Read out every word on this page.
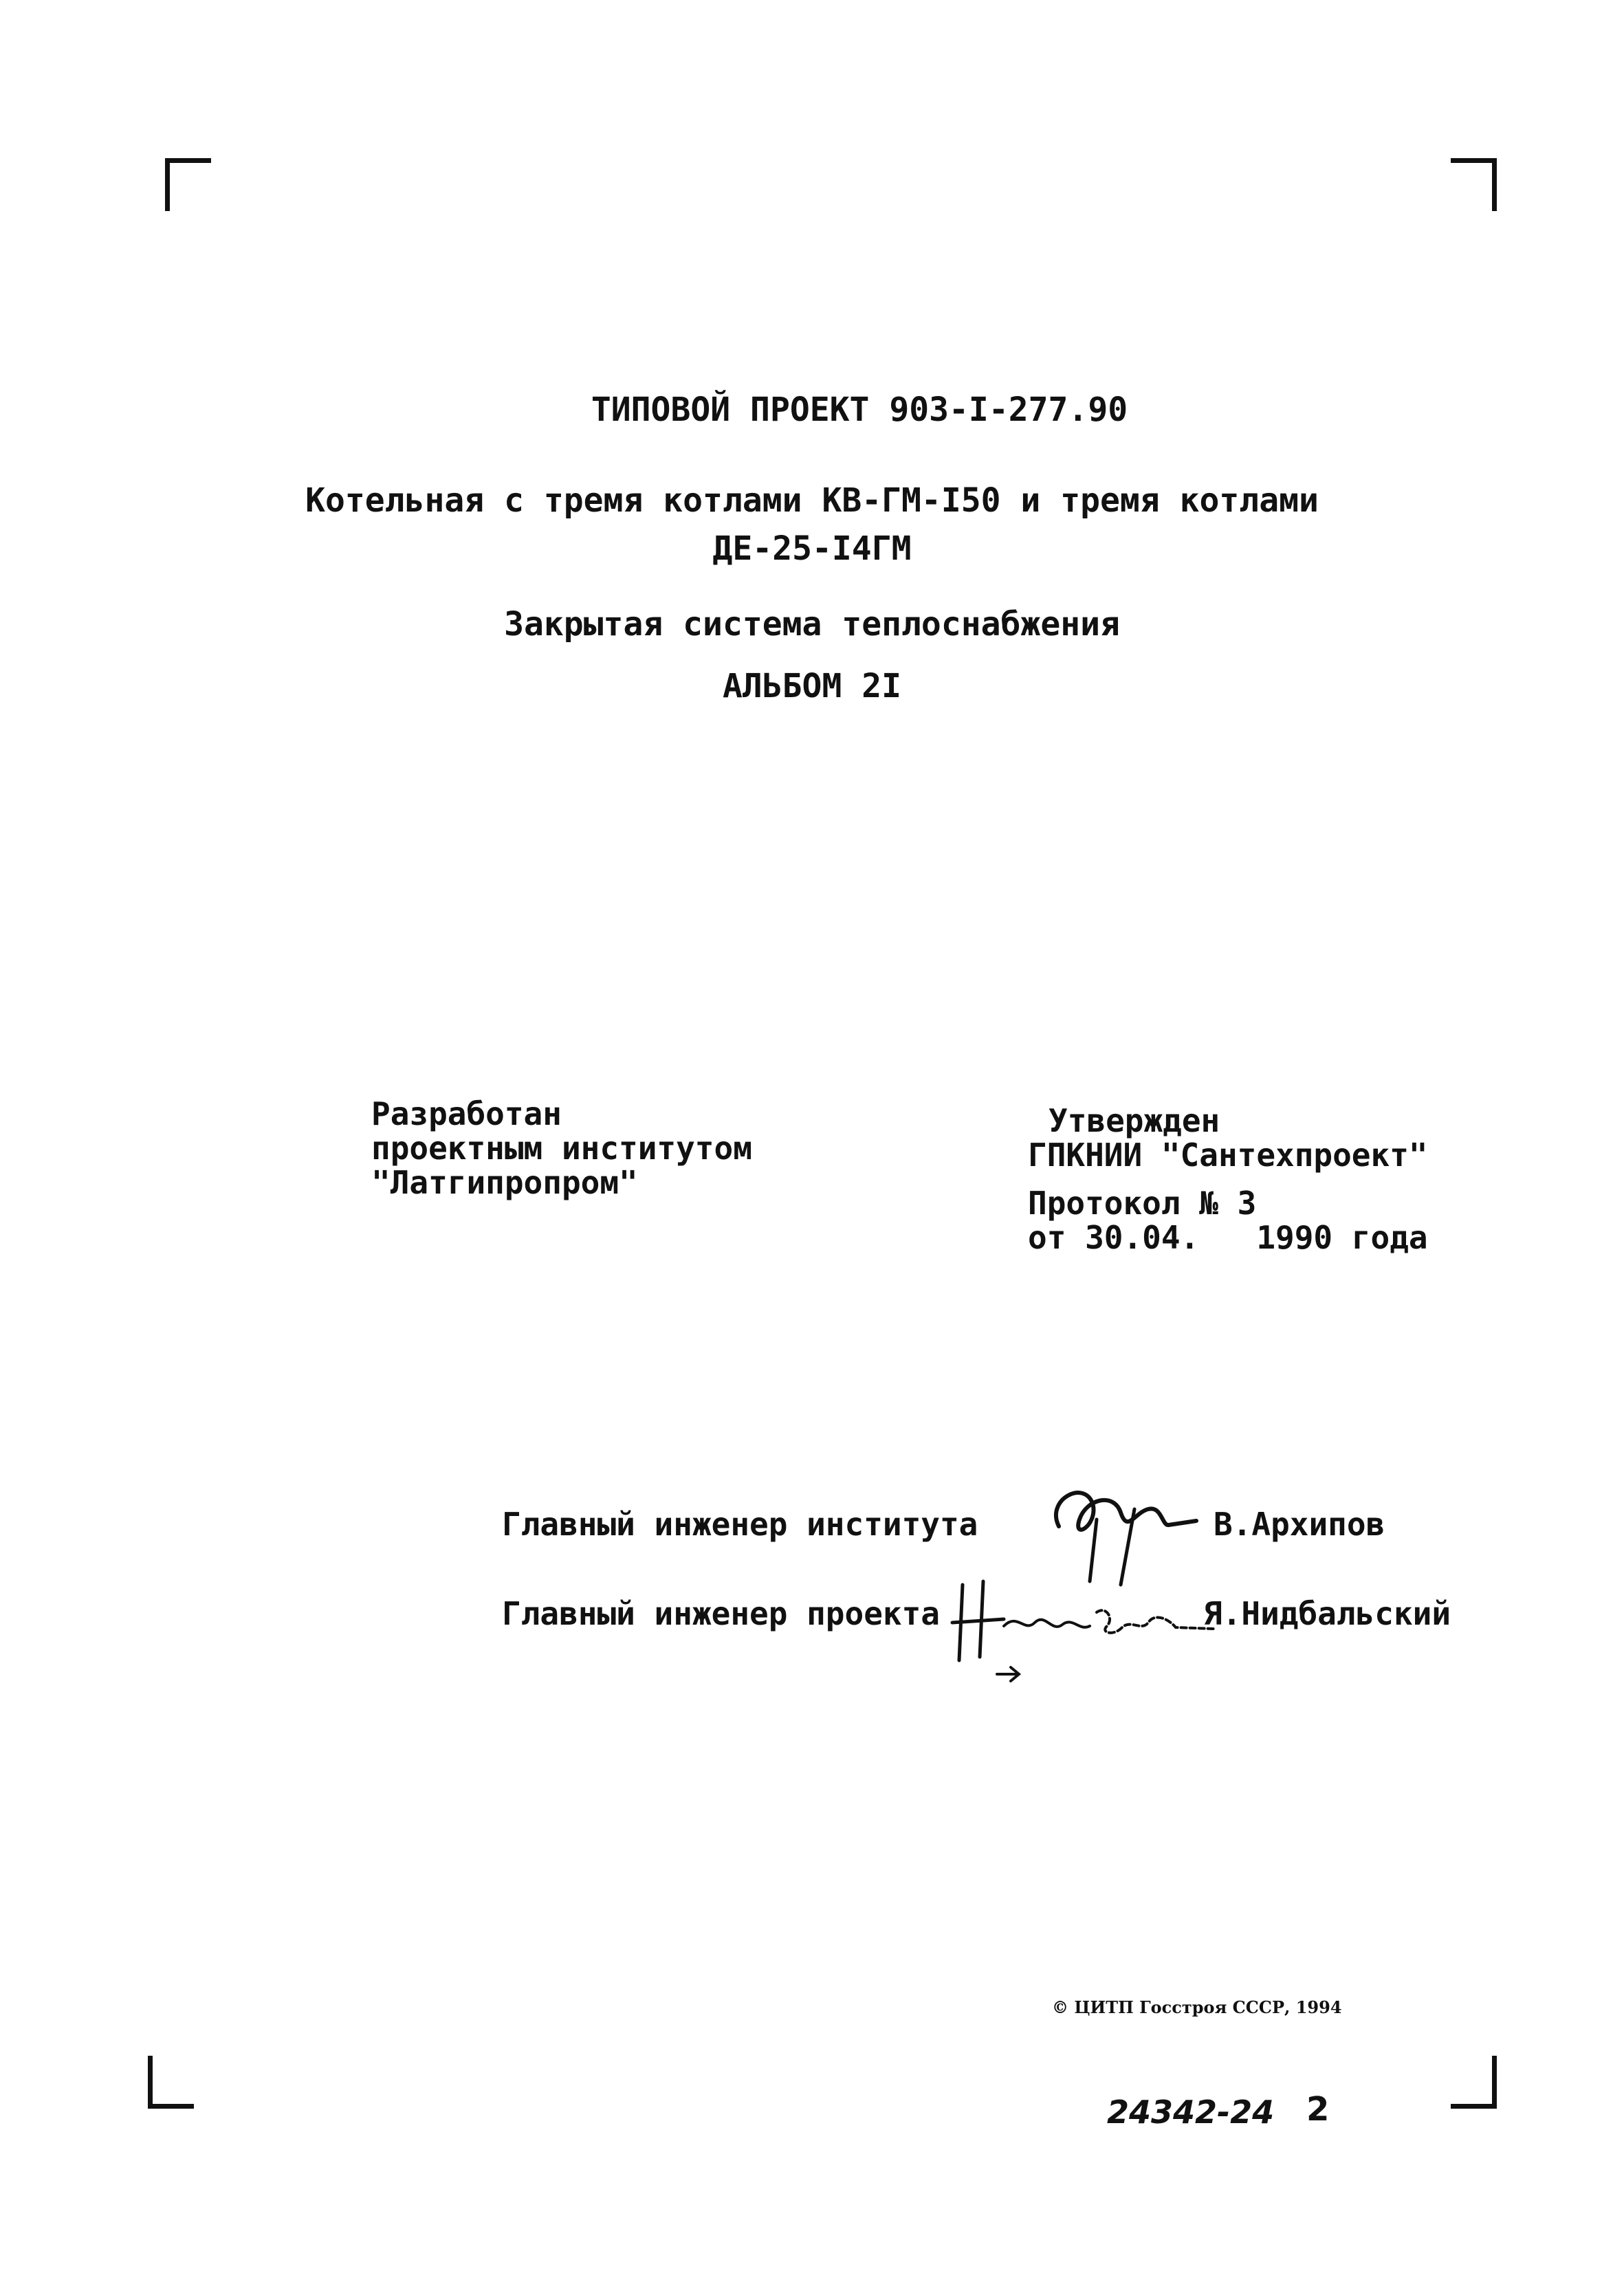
ТИПОВОЙ ПРОЕКТ 903-I-277.90
Котельная с тремя котлами КВ-ГМ-I50 и тремя котлами
ДЕ-25-I4ГМ
Закрытая система теплоснабжения
АЛЬБОМ 2I
Разработан
проектным институтом
"Латгипропром"
Утвержден
ГПКНИИ "Сантехпроект"
Протокол № 3
от 30.04.   1990 года
Главный инженер института	В.Архипов
Главный инженер проекта	Я.Нидбальский
© ЦИТП Госстроя СССР, 1994
24342-24 2
